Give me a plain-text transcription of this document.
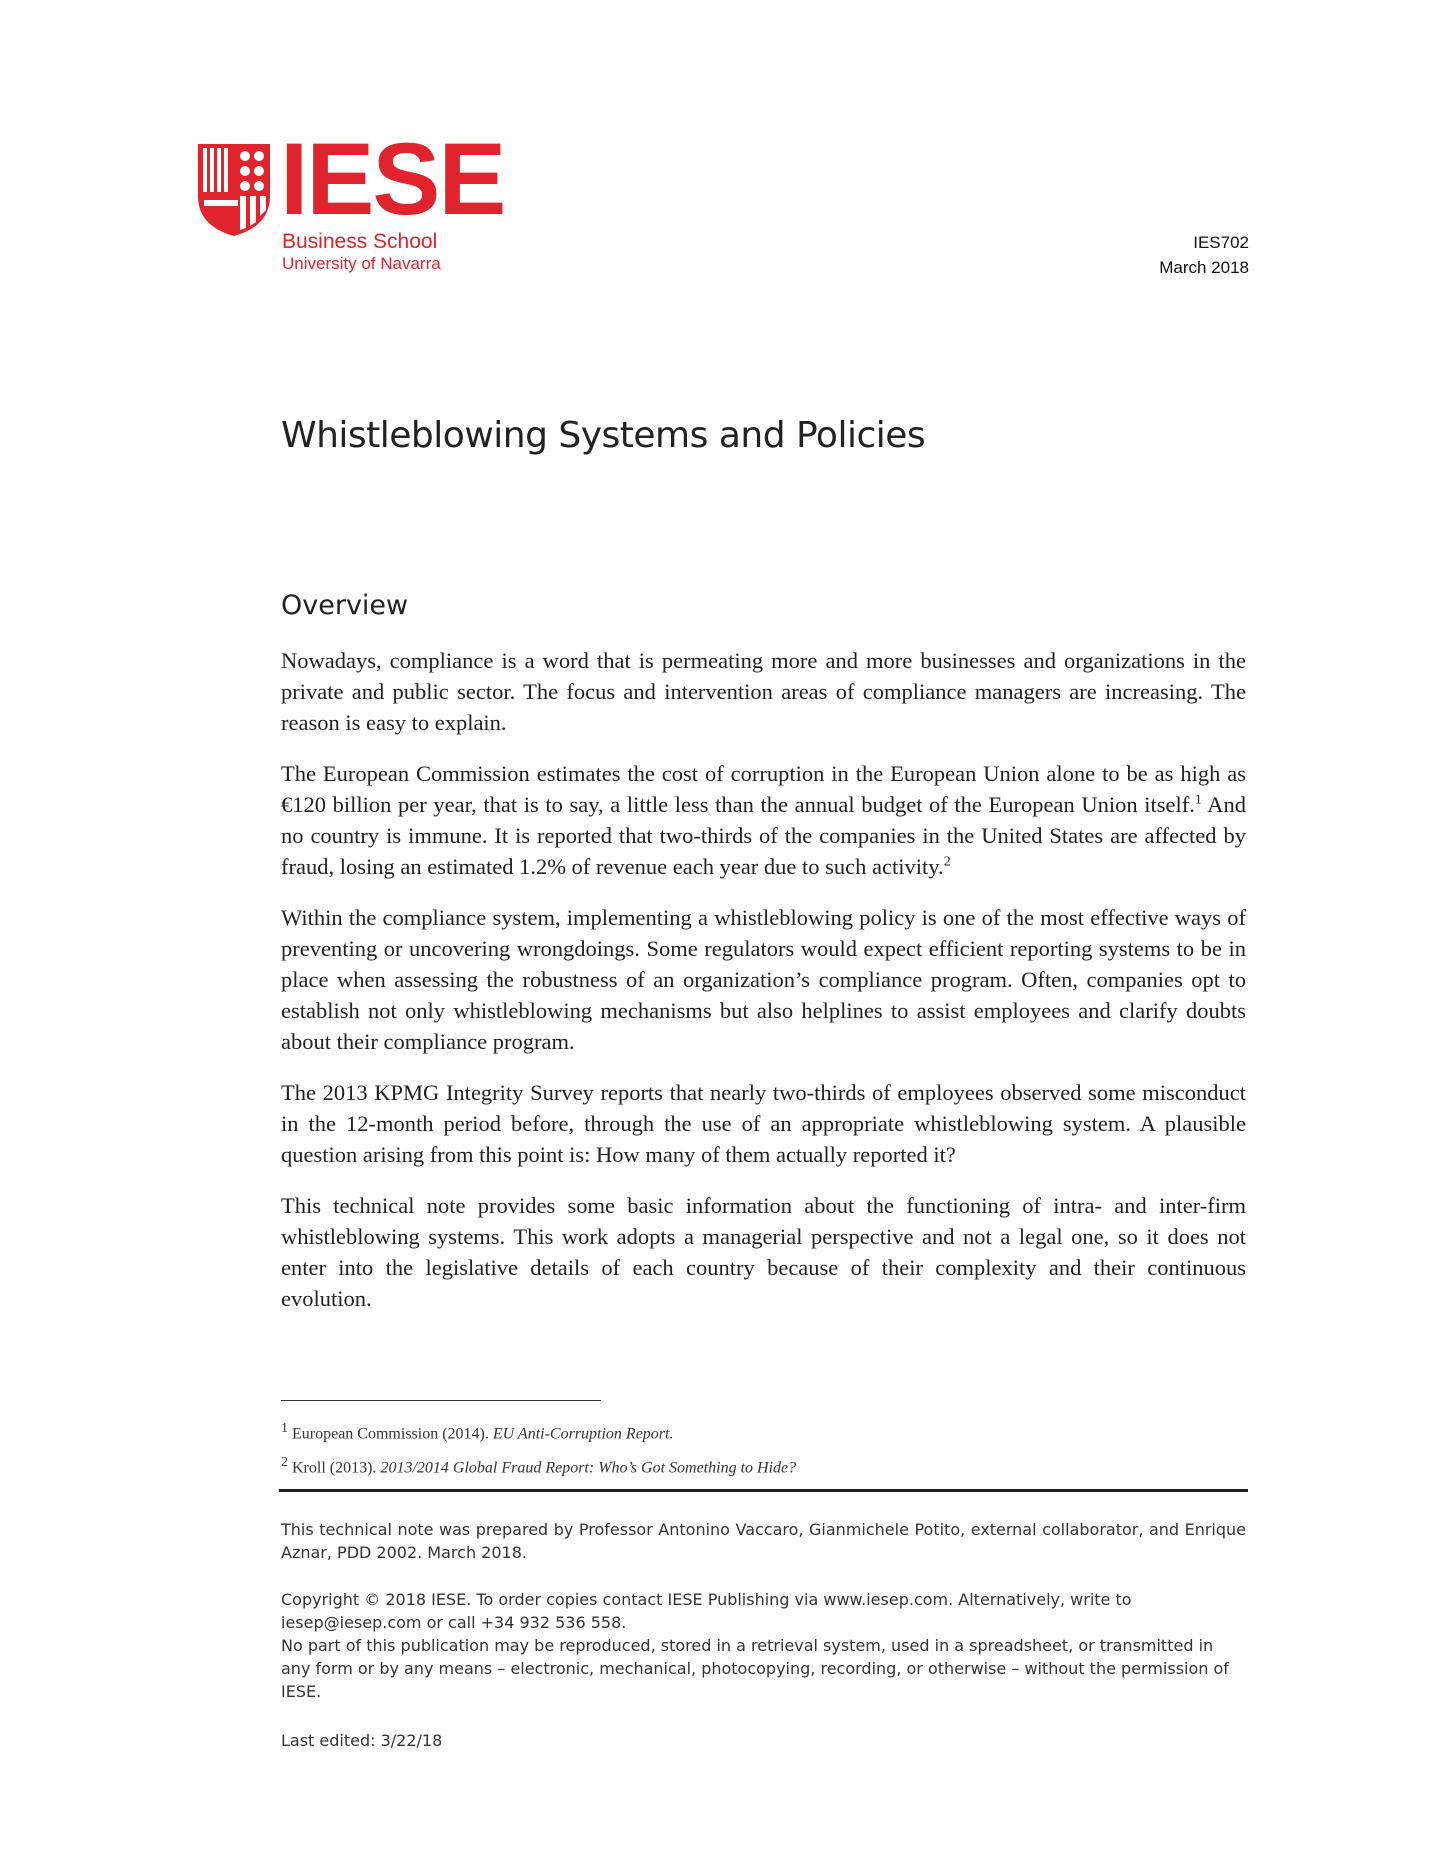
IESE
Business School
University of Navarra
IES702
March 2018
Whistleblowing Systems and Policies
Overview

Nowadays, compliance is a word that is permeating more and more businesses and organizations in the private and public sector. The focus and intervention areas of compliance managers are increasing. The reason is easy to explain.

The European Commission estimates the cost of corruption in the European Union alone to be as high as €120 billion per year, that is to say, a little less than the annual budget of the European Union itself.$^1$ And no country is immune. It is reported that two-thirds of the companies in the United States are affected by fraud, losing an estimated 1.2% of revenue each year due to such activity.$^2$

Within the compliance system, implementing a whistleblowing policy is one of the most effective ways of preventing or uncovering wrongdoings. Some regulators would expect efficient reporting systems to be in place when assessing the robustness of an organization’s compliance program. Often, companies opt to establish not only whistleblowing mechanisms but also helplines to assist employees and clarify doubts about their compliance program.

The 2013 KPMG Integrity Survey reports that nearly two-thirds of employees observed some misconduct in the 12-month period before, through the use of an appropriate whistleblowing system. A plausible question arising from this point is: How many of them actually reported it?

This technical note provides some basic information about the functioning of intra- and inter-firm whistleblowing systems. This work adopts a managerial perspective and not a legal one, so it does not enter into the legislative details of each country because of their complexity and their continuous evolution.

1 European Commission (2014). EU Anti-Corruption Report.
2 Kroll (2013). 2013/2014 Global Fraud Report: Who’s Got Something to Hide?

This technical note was prepared by Professor Antonino Vaccaro, Gianmichele Potito, external collaborator, and Enrique Aznar, PDD 2002. March 2018.

Copyright © 2018 IESE. To order copies contact IESE Publishing via www.iesep.com. Alternatively, write to iesep@iesep.com or call +34 932 536 558.

No part of this publication may be reproduced, stored in a retrieval system, used in a spreadsheet, or transmitted in any form or by any means – electronic, mechanical, photocopying, recording, or otherwise – without the permission of IESE.

Last edited: 3/22/18
